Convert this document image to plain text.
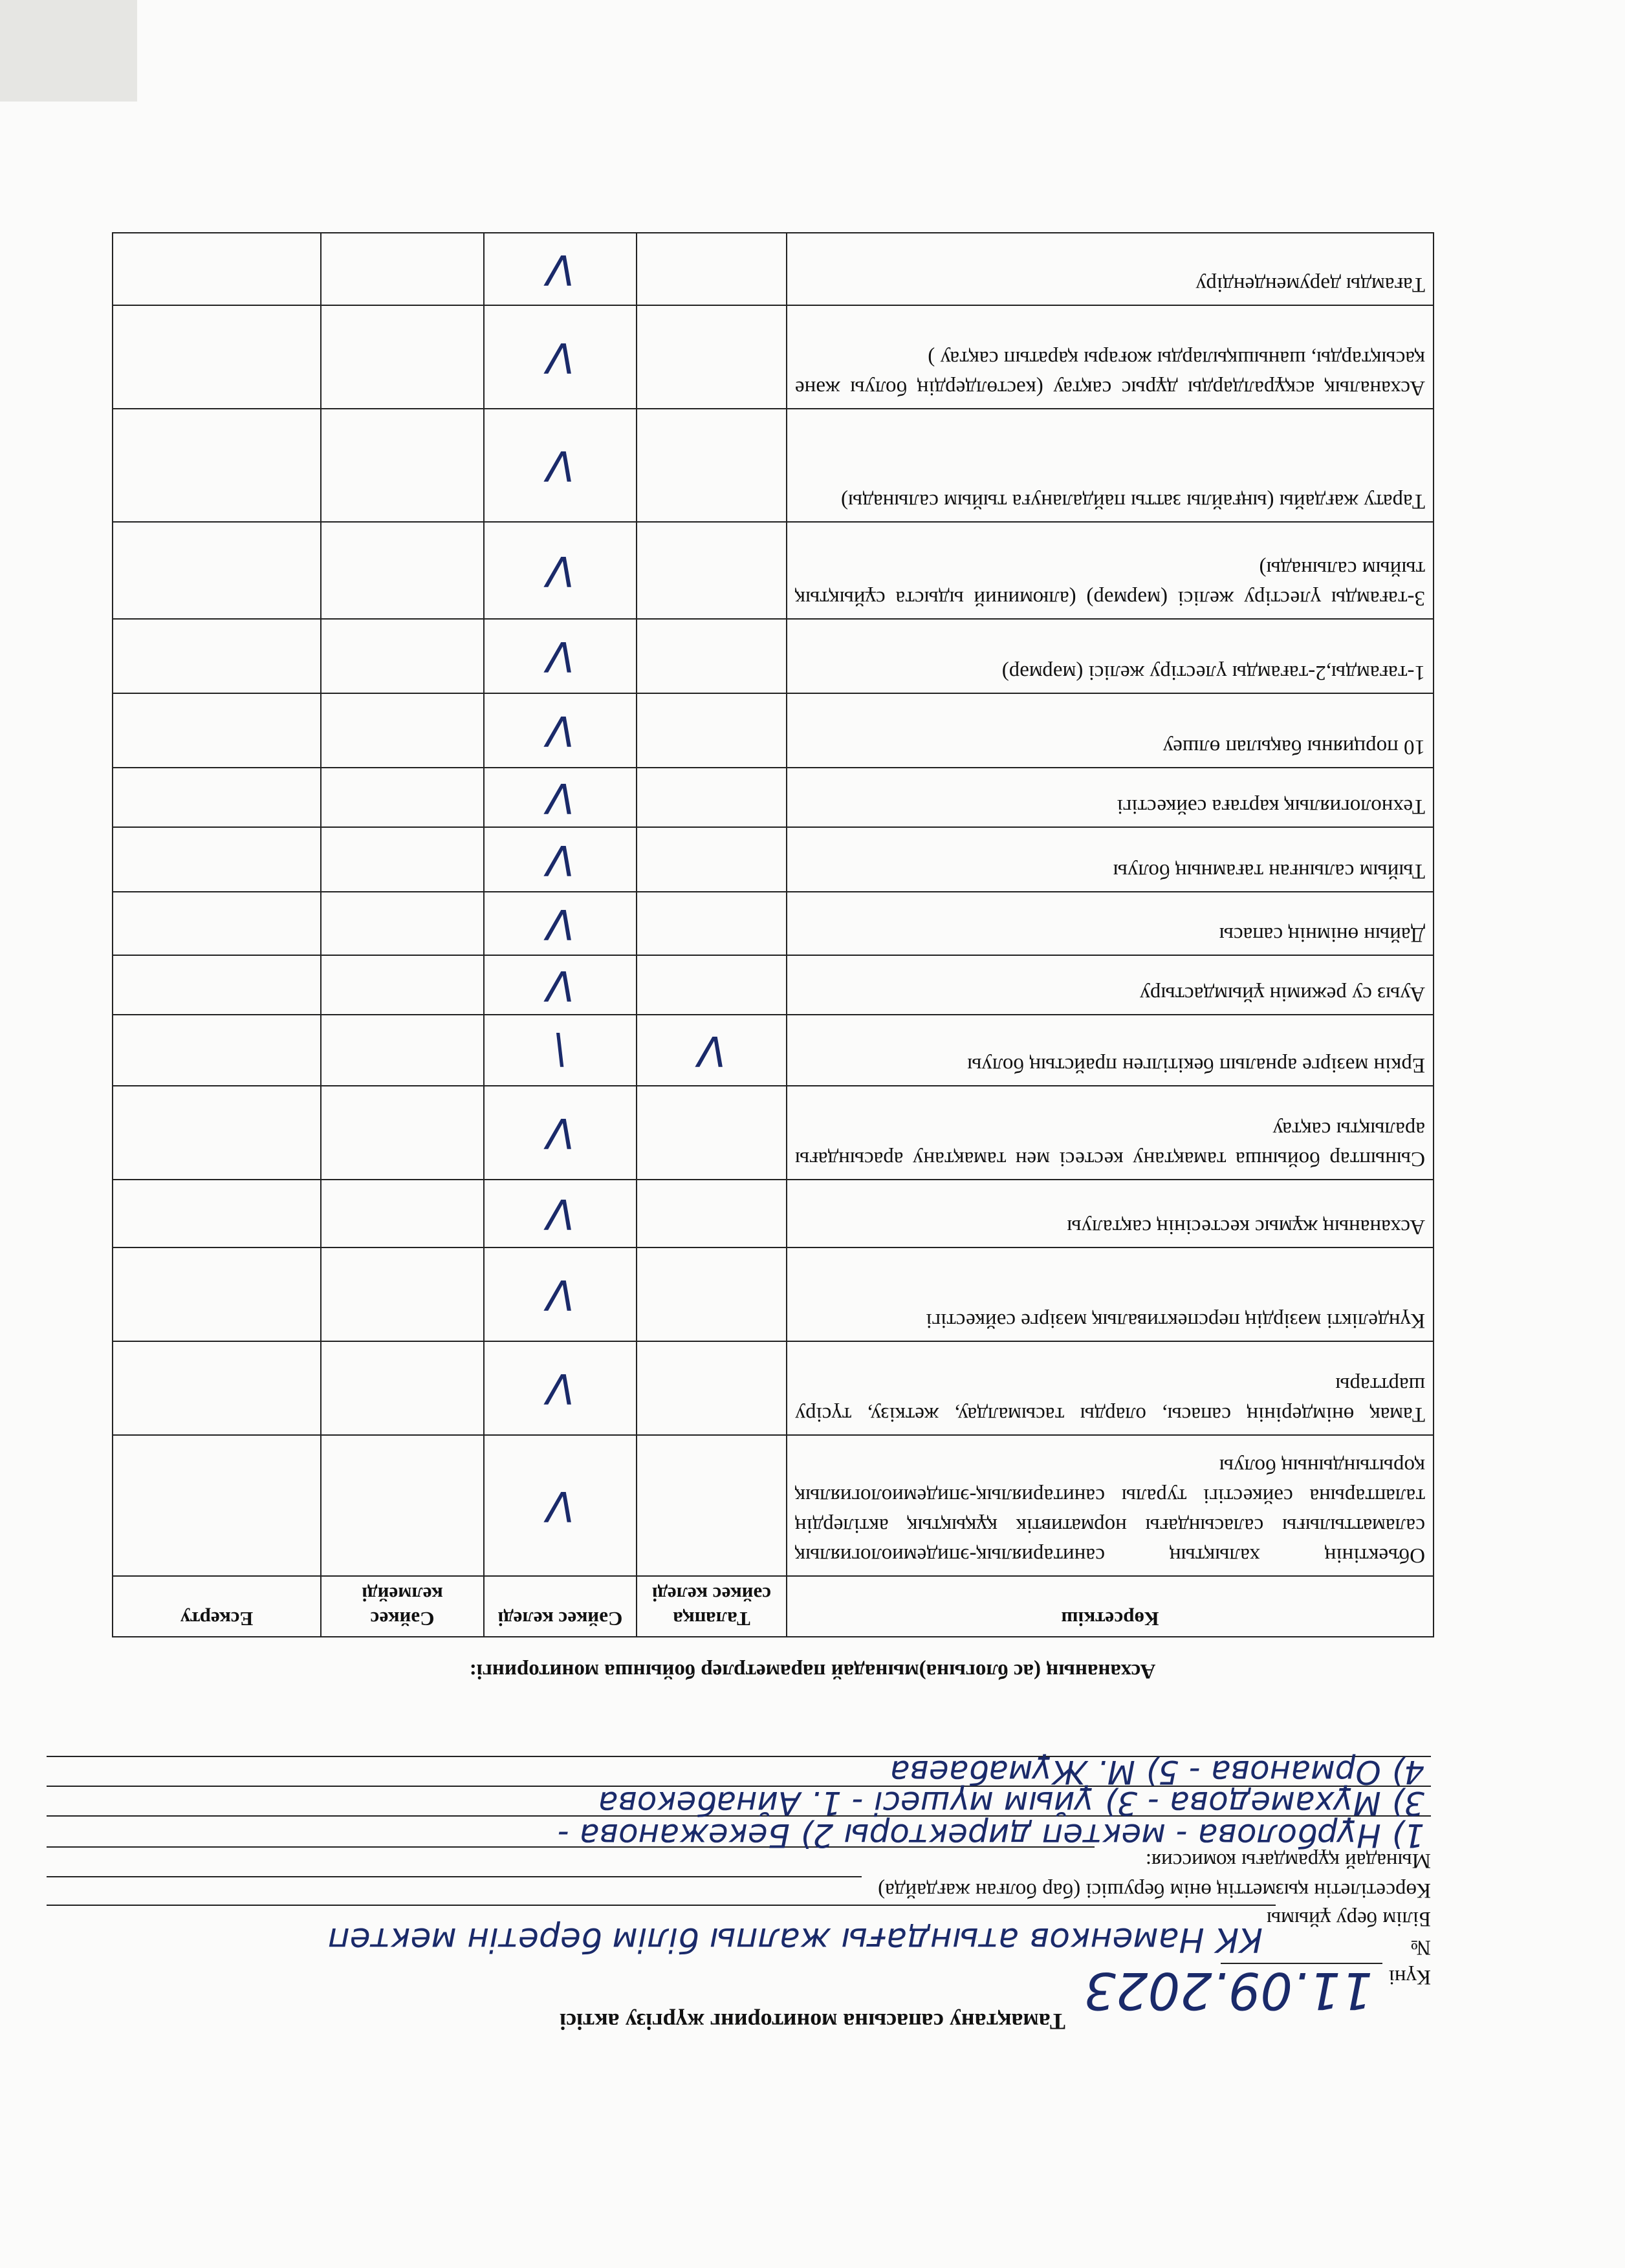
Тамақтану сапасына мониторинг жүргізу актісі
Күні
11.09.2023
№
Білім беру ұйымы
КК Наменков атындағы жалпы білім беретін мектеп
Көрсетілетін қызметтің өнім берушісі (бар болған жағдайда)
Мынадай құрамдағы комиссия:
1) Нұрболова - мектеп директоры 2) Бекежанова -
3) Мұхамедова - 3) ұйым мүшесі - 1. Айнабекова
4) Орманова - 5) М. Жұмабаева
Асхананың (ас блогына)мынадай параметрлер бойынша мониторингі:
Көрсеткіш	Талапқа сәйкес келеді	Сәйкес келеді	Сәйкес келмейді	Ескерту
Объектінің халықтың санитариялық-эпидемиологиялық саламаттылығы саласындағы нормативтік құқықтық актілердің талаптарына сәйкестігі туралы санитариялық-эпидемиологиялық қорытындының болуы		V		
Тамақ өнімдерінің сапасы, оларды тасымалдау, жеткізу, түсіру шарттары		V		
Күнделікті мәзірдің перспективалық мәзірге сәйкестігі		V		
Асхананың жұмыс кестесінің сақталуы		V		
Сыныптар бойынша тамақтану кестесі мен тамақтану арасындағы аралықты сақтау		V		
Еркін мәзірге арналып бекітілген прайстың болуы	V	\		
Ауыз су режимін ұйымдастыру		V		
Дайын өнімнің сапасы		V		
Тыйым салынған тағамның болуы		V		
Технологиялық картаға сәйкестігі		V		
10 порцияны бақылап өлшеу		V		
1-тағамды,2-тағамды үлестіру желісі (мәрмәр)		V		
3-тағамды үлестіру желісі (мәрмәр) (алюминий ыдыста сұйықтық тыйым салынады)		V		
Тарату жағдайы (ыңғайлы затты пайдалануға тыйым салынады)		V		
Асханалық асқұралдарды дұрыс сақтау (кәстөлдердің болуы және қасықтарды, шанышқыларды жоғары қаратып сақтау )		V		
Тағамды дәрумендендіру		V		
